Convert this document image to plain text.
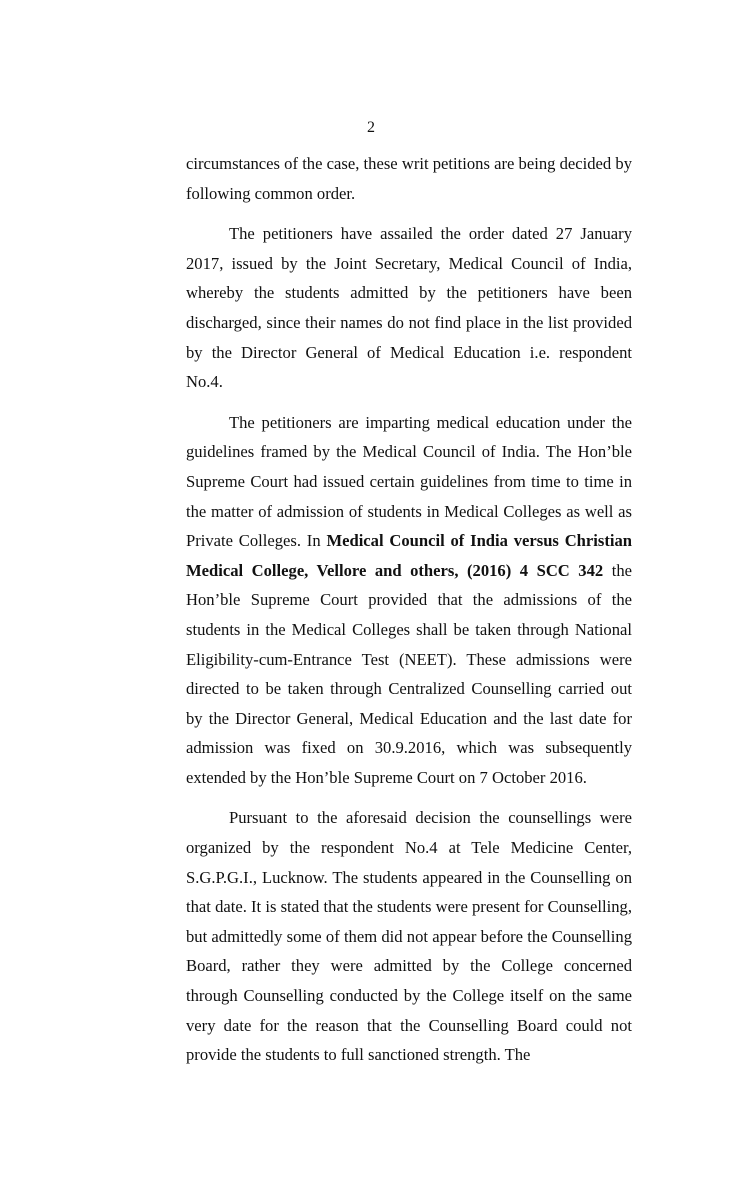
2

circumstances of the case, these writ petitions are being decided by following common order.

The petitioners have assailed the order dated 27 January 2017, issued by the Joint Secretary, Medical Council of India, whereby the students admitted by the petitioners have been discharged, since their names do not find place in the list provided by the Director General of Medical Education i.e. respondent No.4.

The petitioners are imparting medical education under the guidelines framed by the Medical Council of India. The Hon’ble Supreme Court had issued certain guidelines from time to time in the matter of admission of students in Medical Colleges as well as Private Colleges. In Medical Council of India versus Christian Medical College, Vellore and others, (2016) 4 SCC 342 the Hon’ble Supreme Court provided that the admissions of the students in the Medical Colleges shall be taken through National Eligibility-cum-Entrance Test (NEET). These admissions were directed to be taken through Centralized Counselling carried out by the Director General, Medical Education and the last date for admission was fixed on 30.9.2016, which was subsequently extended by the Hon’ble Supreme Court on 7 October 2016.

Pursuant to the aforesaid decision the counsellings were organized by the respondent No.4 at Tele Medicine Center, S.G.P.G.I., Lucknow. The students appeared in the Counselling on that date. It is stated that the students were present for Counselling, but admittedly some of them did not appear before the Counselling Board, rather they were admitted by the College concerned through Counselling conducted by the College itself on the same very date for the reason that the Counselling Board could not provide the students to full sanctioned strength. The
